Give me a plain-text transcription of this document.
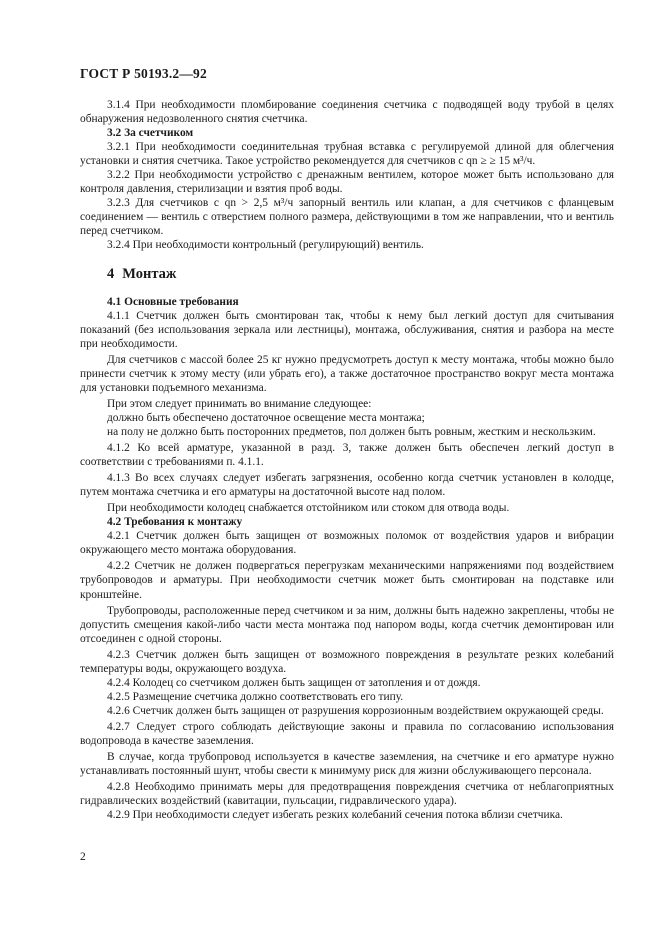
ГОСТ Р 50193.2—92

3.1.4 При необходимости пломбирование соединения счетчика с подводящей воду трубой в целях обнаружения недозволенного снятия счетчика.

3.2 За счетчиком

3.2.1 При необходимости соединительная трубная вставка с регулируемой длиной для облегчения установки и снятия счетчика. Такое устройство рекомендуется для счетчиков с qn ≥ ≥ 15 м³/ч.

3.2.2 При необходимости устройство с дренажным вентилем, которое может быть использовано для контроля давления, стерилизации и взятия проб воды.

3.2.3 Для счетчиков с qn > 2,5 м³/ч запорный вентиль или клапан, а для счетчиков с фланцевым соединением — вентиль с отверстием полного размера, действующими в том же направлении, что и вентиль перед счетчиком.

3.2.4 При необходимости контрольный (регулирующий) вентиль.

4 Монтаж

4.1 Основные требования

4.1.1 Счетчик должен быть смонтирован так, чтобы к нему был легкий доступ для считывания показаний (без использования зеркала или лестницы), монтажа, обслуживания, снятия и разбора на месте при необходимости.

Для счетчиков с массой более 25 кг нужно предусмотреть доступ к месту монтажа, чтобы можно было принести счетчик к этому месту (или убрать его), а также достаточное пространство вокруг места монтажа для установки подъемного механизма.

При этом следует принимать во внимание следующее:

должно быть обеспечено достаточное освещение места монтажа;

на полу не должно быть посторонних предметов, пол должен быть ровным, жестким и нескользким.

4.1.2 Ко всей арматуре, указанной в разд. 3, также должен быть обеспечен легкий доступ в соответствии с требованиями п. 4.1.1.

4.1.3 Во всех случаях следует избегать загрязнения, особенно когда счетчик установлен в колодце, путем монтажа счетчика и его арматуры на достаточной высоте над полом.

При необходимости колодец снабжается отстойником или стоком для отвода воды.

4.2 Требования к монтажу

4.2.1 Счетчик должен быть защищен от возможных поломок от воздействия ударов и вибрации окружающего место монтажа оборудования.

4.2.2 Счетчик не должен подвергаться перегрузкам механическими напряжениями под воздействием трубопроводов и арматуры. При необходимости счетчик может быть смонтирован на подставке или кронштейне.

Трубопроводы, расположенные перед счетчиком и за ним, должны быть надежно закреплены, чтобы не допустить смещения какой-либо части места монтажа под напором воды, когда счетчик демонтирован или отсоединен с одной стороны.

4.2.3 Счетчик должен быть защищен от возможного повреждения в результате резких колебаний температуры воды, окружающего воздуха.

4.2.4 Колодец со счетчиком должен быть защищен от затопления и от дождя.

4.2.5 Размещение счетчика должно соответствовать его типу.

4.2.6 Счетчик должен быть защищен от разрушения коррозионным воздействием окружающей среды.

4.2.7 Следует строго соблюдать действующие законы и правила по согласованию использования водопровода в качестве заземления.

В случае, когда трубопровод используется в качестве заземления, на счетчике и его арматуре нужно устанавливать постоянный шунт, чтобы свести к минимуму риск для жизни обслуживающего персонала.

4.2.8 Необходимо принимать меры для предотвращения повреждения счетчика от неблагоприятных гидравлических воздействий (кавитации, пульсации, гидравлического удара).

4.2.9 При необходимости следует избегать резких колебаний сечения потока вблизи счетчика.

2
